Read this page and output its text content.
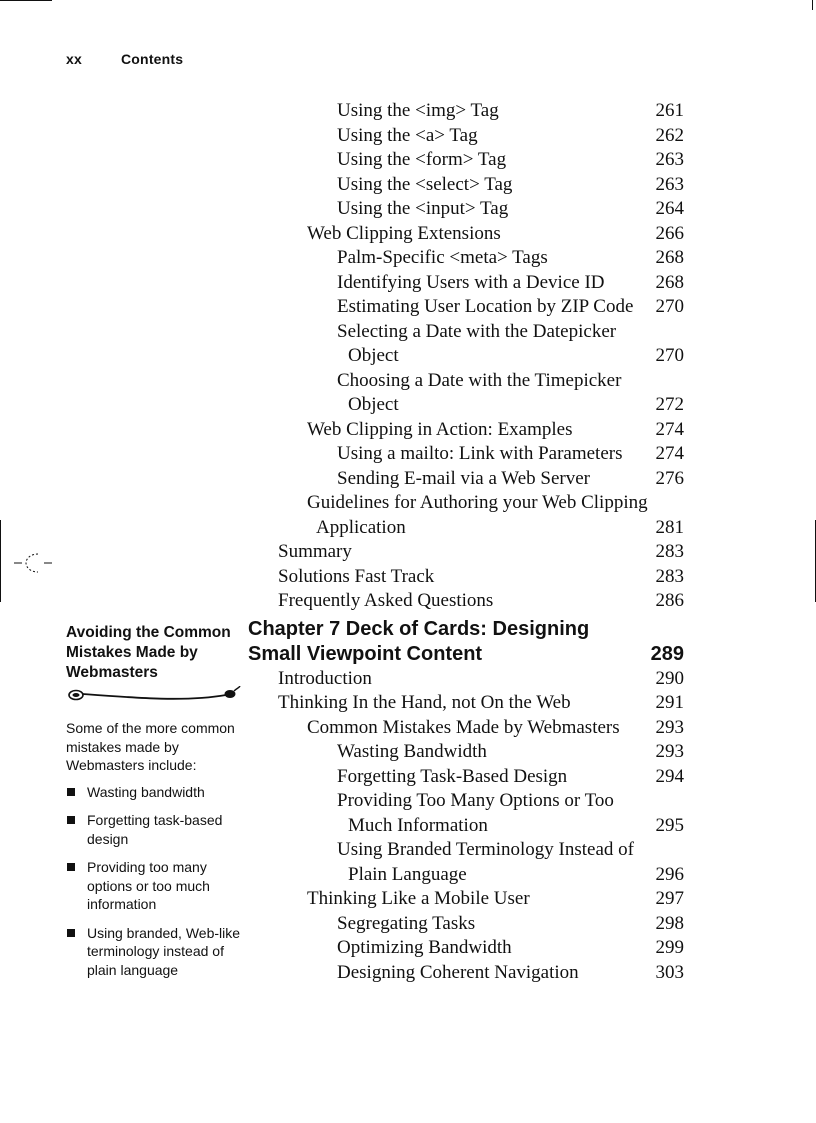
xx	Contents
Using the <img> Tag	261
Using the <a> Tag	262
Using the <form> Tag	263
Using the <select> Tag	263
Using the <input> Tag	264
Web Clipping Extensions	266
Palm-Specific <meta> Tags	268
Identifying Users with a Device ID	268
Estimating User Location by ZIP Code 270
Selecting a Date with the Datepicker
Object	270
Choosing a Date with the Timepicker
Object	272
Web Clipping in Action: Examples	274
Using a mailto: Link with Parameters 274
Sending E-mail via a Web Server	276
Guidelines for Authoring your Web Clipping
Application	281
Summary	283
Solutions Fast Track	283
Frequently Asked Questions	286
Chapter 7 Deck of Cards: Designing
Small Viewpoint Content	289
Introduction	290
Thinking In the Hand, not On the Web	291
Common Mistakes Made by Webmasters 293
Wasting Bandwidth	293
Forgetting Task-Based Design	294
Providing Too Many Options or Too
Much Information	295
Using Branded Terminology Instead of
Plain Language	296
Thinking Like a Mobile User	297
Segregating Tasks	298
Optimizing Bandwidth	299
Designing Coherent Navigation	303
Avoiding the Common Mistakes Made by Webmasters
Some of the more common mistakes made by Webmasters include:
Wasting bandwidth
Forgetting task-based design
Providing too many options or too much information
Using branded, Web-like terminology instead of plain language
